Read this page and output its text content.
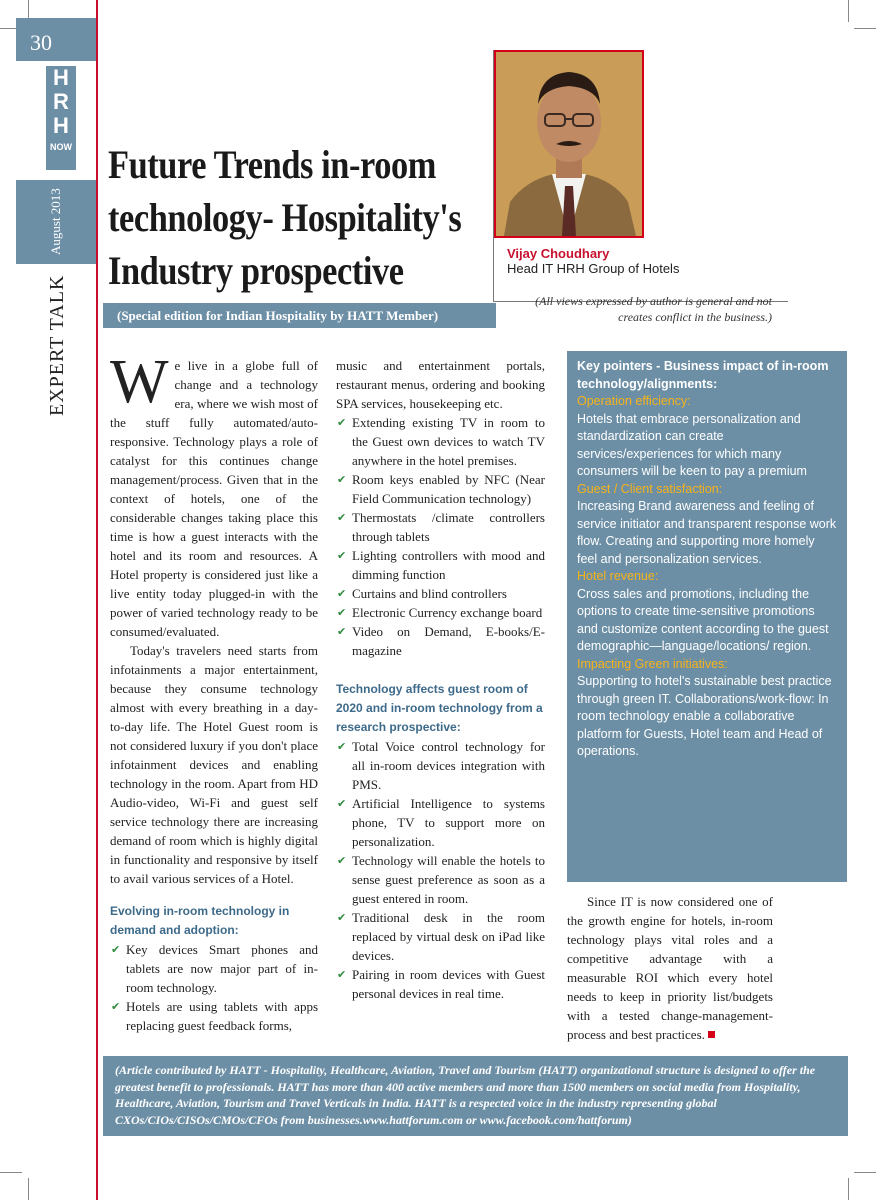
30
H
R
H
NOW
August 2013
EXPERT TALK
Future Trends in-room
technology- Hospitality's
Industry prospective
(Special edition for Indian Hospitality by HATT Member)
Vijay Choudhary
Head IT HRH Group of Hotels
(All views expressed by author is general and not creates conflict in the business.)

We live in a globe full of change and a technology era, where we wish most of the stuff fully automated/auto-responsive. Technology plays a role of catalyst for this continues change management/process. Given that in the context of hotels, one of the considerable changes taking place this time is how a guest interacts with the hotel and its room and resources. A Hotel property is considered just like a live entity today plugged-in with the power of varied technology ready to be consumed/evaluated.

Today's travelers need starts from infotainments a major entertainment, because they consume technology almost with every breathing in a day-to-day life. The Hotel Guest room is not considered luxury if you don't place infotainment devices and enabling technology in the room. Apart from HD Audio-video, Wi-Fi and guest self service technology there are increasing demand of room which is highly digital in functionality and responsive by itself to avail various services of a Hotel.

Evolving in-room technology in demand and adoption:
✔ Key devices Smart phones and tablets are now major part of in-room technology.
✔ Hotels are using tablets with apps replacing guest feedback forms,

music and entertainment portals, restaurant menus, ordering and booking SPA services, housekeeping etc.

✔ Extending existing TV in room to the Guest own devices to watch TV anywhere in the hotel premises.
✔ Room keys enabled by NFC (Near Field Communication technology)
✔ Thermostats /climate controllers through tablets
✔ Lighting controllers with mood and dimming function
✔ Curtains and blind controllers
✔ Electronic Currency exchange board
✔ Video on Demand, E-books/E-magazine
Technology affects guest room of 2020 and in-room technology from a research prospective:
✔ Total Voice control technology for all in-room devices integration with PMS.
✔ Artificial Intelligence to systems phone, TV to support more on personalization.
✔ Technology will enable the hotels to sense guest preference as soon as a guest entered in room.
✔ Traditional desk in the room replaced by virtual desk on iPad like devices.
✔ Pairing in room devices with Guest personal devices in real time.

Key pointers - Business impact of in-room technology/alignments:

Operation efficiency:

Hotels that embrace personalization and standardization can create services/experiences for which many consumers will be keen to pay a premium

Guest / Client satisfaction:

Increasing Brand awareness and feeling of service initiator and transparent response work flow. Creating and supporting more homely feel and personalization services.

Hotel revenue:

Cross sales and promotions, including the options to create time-sensitive promotions and customize content according to the guest demographic—language/locations/ region.

Impacting Green initiatives:

Supporting to hotel's sustainable best practice through green IT. Collaborations/work-flow: In room technology enable a collaborative platform for Guests, Hotel team and Head of operations.

Since IT is now considered one of the growth engine for hotels, in-room technology plays vital roles and a competitive advantage with a measurable ROI which every hotel needs to keep in priority list/budgets with a tested change-management-process and best practices.

(Article contributed by HATT - Hospitality, Healthcare, Aviation, Travel and Tourism (HATT) organizational structure is designed to offer the greatest benefit to professionals. HATT has more than 400 active members and more than 1500 members on social media from Hospitality, Healthcare, Aviation, Tourism and Travel Verticals in India. HATT is a respected voice in the industry representing global CXOs/CIOs/CISOs/CMOs/CFOs from businesses.www.hattforum.com or www.facebook.com/hattforum)
